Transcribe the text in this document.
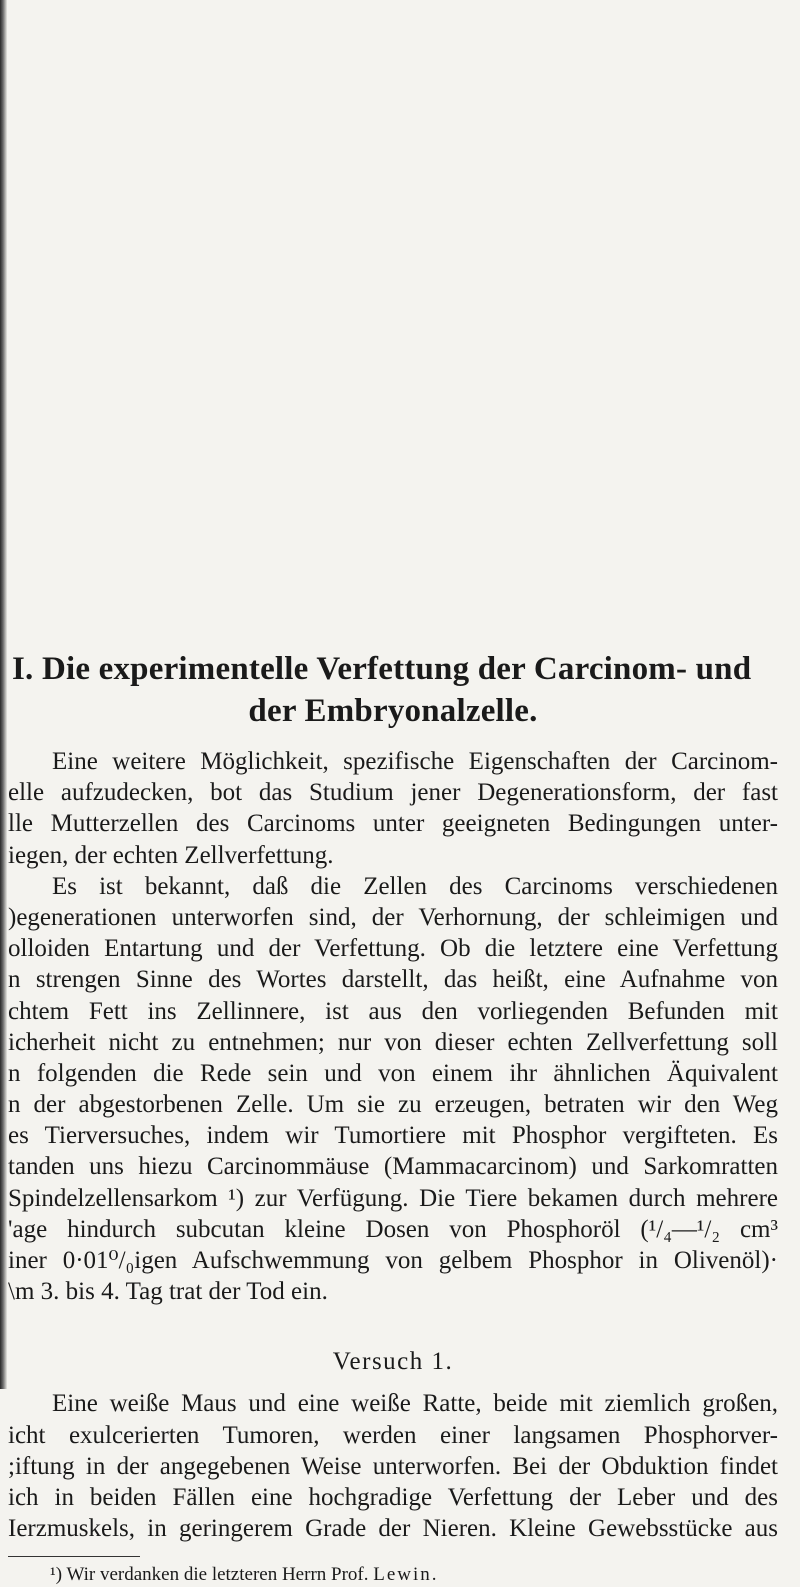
I. Die experimentelle Verfettung der Carcinom- und
der Embryonalzelle.
Eine weitere Möglichkeit, spezifische Eigenschaften der Carcinom-
elle aufzudecken, bot das Studium jener Degenerationsform, der fast
lle Mutterzellen des Carcinoms unter geeigneten Bedingungen unter-
iegen, der echten Zellverfettung.
Es ist bekannt, daß die Zellen des Carcinoms verschiedenen
)egenerationen unterworfen sind, der Verhornung, der schleimigen und
olloiden Entartung und der Verfettung. Ob die letztere eine Verfettung
n strengen Sinne des Wortes darstellt, das heißt, eine Aufnahme von
chtem Fett ins Zellinnere, ist aus den vorliegenden Befunden mit
icherheit nicht zu entnehmen; nur von dieser echten Zellverfettung soll
n folgenden die Rede sein und von einem ihr ähnlichen Äquivalent
n der abgestorbenen Zelle. Um sie zu erzeugen, betraten wir den Weg
es Tierversuches, indem wir Tumortiere mit Phosphor vergifteten. Es
tanden uns hiezu Carcinommäuse (Mammacarcinom) und Sarkomratten
Spindelzellensarkom ¹) zur Verfügung. Die Tiere bekamen durch mehrere
'age hindurch subcutan kleine Dosen von Phosphoröl (¹/₄—¹/₂ cm³
iner 0·01⁰/₀igen Aufschwemmung von gelbem Phosphor in Olivenöl)·
\m 3. bis 4. Tag trat der Tod ein.
Versuch 1.
Eine weiße Maus und eine weiße Ratte, beide mit ziemlich großen,
icht exulcerierten Tumoren, werden einer langsamen Phosphorver-
;iftung in der angegebenen Weise unterworfen. Bei der Obduktion findet
ich in beiden Fällen eine hochgradige Verfettung der Leber und des
Ierzmuskels, in geringerem Grade der Nieren. Kleine Gewebsstücke aus
¹) Wir verdanken die letzteren Herrn Prof. Lewin.
